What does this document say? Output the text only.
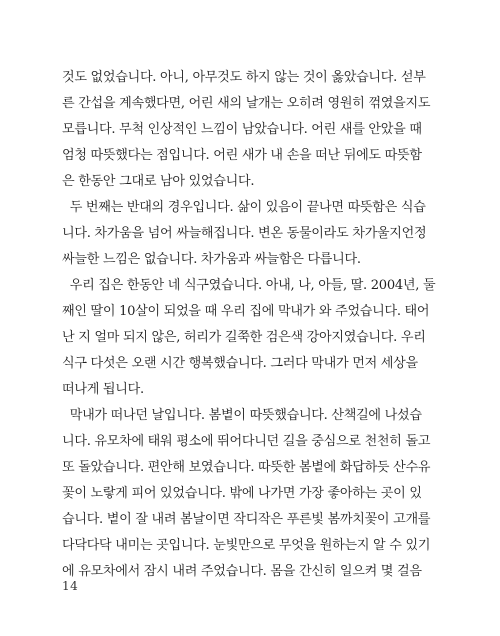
것도 없었습니다. 아니, 아무것도 하지 않는 것이 옳았습니다. 섣부
른 간섭을 계속했다면, 어린 새의 날개는 오히려 영원히 꺾였을지도
모릅니다. 무척 인상적인 느낌이 남았습니다. 어린 새를 안았을 때
엄청 따뜻했다는 점입니다. 어린 새가 내 손을 떠난 뒤에도 따뜻함
은 한동안 그대로 남아 있었습니다.
두 번째는 반대의 경우입니다. 삶이 있음이 끝나면 따뜻함은 식습
니다. 차가움을 넘어 싸늘해집니다. 변온 동물이라도 차가울지언정
싸늘한 느낌은 없습니다. 차가움과 싸늘함은 다릅니다.
우리 집은 한동안 네 식구였습니다. 아내, 나, 아들, 딸. 2004년, 둘
째인 딸이 10살이 되었을 때 우리 집에 막내가 와 주었습니다. 태어
난 지 얼마 되지 않은, 허리가 길쭉한 검은색 강아지였습니다. 우리
식구 다섯은 오랜 시간 행복했습니다. 그러다 막내가 먼저 세상을
떠나게 됩니다.
막내가 떠나던 날입니다. 봄볕이 따뜻했습니다. 산책길에 나섰습
니다. 유모차에 태워 평소에 뛰어다니던 길을 중심으로 천천히 돌고
또 돌았습니다. 편안해 보였습니다. 따뜻한 봄볕에 화답하듯 산수유
꽃이 노랗게 피어 있었습니다. 밖에 나가면 가장 좋아하는 곳이 있
습니다. 볕이 잘 내려 봄날이면 작디작은 푸른빛 봄까치꽃이 고개를
다닥다닥 내미는 곳입니다. 눈빛만으로 무엇을 원하는지 알 수 있기
에 유모차에서 잠시 내려 주었습니다. 몸을 간신히 일으켜 몇 걸음
14
